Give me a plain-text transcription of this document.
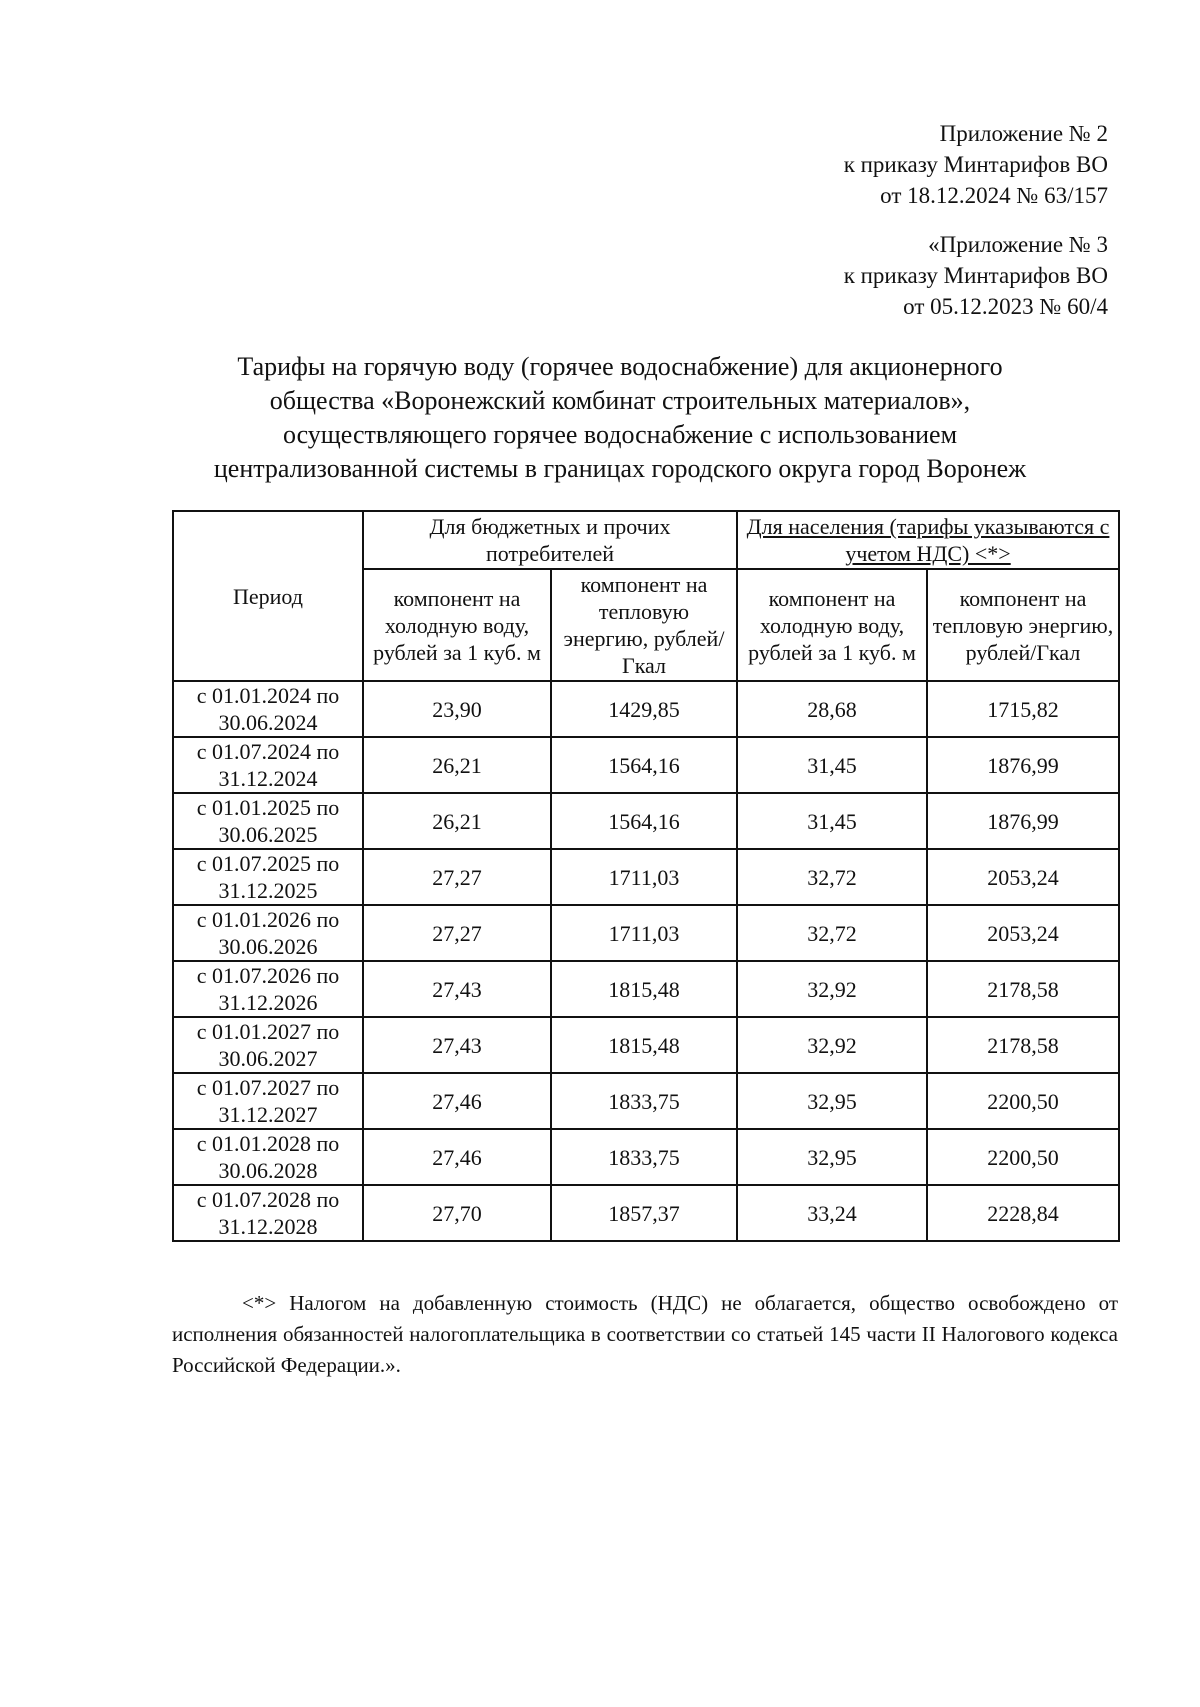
Приложение № 2
к приказу Минтарифов ВО
от 18.12.2024 № 63/157
«Приложение № 3
к приказу Минтарифов ВО
от 05.12.2023 № 60/4
Тарифы на горячую воду (горячее водоснабжение) для акционерного
общества «Воронежский комбинат строительных материалов»,
осуществляющего горячее водоснабжение с использованием
централизованной системы в границах городского округа город Воронеж
Период	Для бюджетных и прочих потребителей		Для населения (тарифы указываются с учетом НДС) <*>	
	компонент на холодную воду, рублей за 1 куб. м	компонент на тепловую энергию, рублей/Гкал	компонент на холодную воду, рублей за 1 куб. м	компонент на тепловую энергию, рублей/Гкал
с 01.01.2024 по 30.06.2024	23,90	1429,85	28,68	1715,82
с 01.07.2024 по 31.12.2024	26,21	1564,16	31,45	1876,99
с 01.01.2025 по 30.06.2025	26,21	1564,16	31,45	1876,99
с 01.07.2025 по 31.12.2025	27,27	1711,03	32,72	2053,24
с 01.01.2026 по 30.06.2026	27,27	1711,03	32,72	2053,24
с 01.07.2026 по 31.12.2026	27,43	1815,48	32,92	2178,58
с 01.01.2027 по 30.06.2027	27,43	1815,48	32,92	2178,58
с 01.07.2027 по 31.12.2027	27,46	1833,75	32,95	2200,50
с 01.01.2028 по 30.06.2028	27,46	1833,75	32,95	2200,50
с 01.07.2028 по 31.12.2028	27,70	1857,37	33,24	2228,84

<*> Налогом на добавленную стоимость (НДС) не облагается, общество освобождено от исполнения обязанностей налогоплательщика в соответствии со статьей 145 части II Налогового кодекса Российской Федерации.».
